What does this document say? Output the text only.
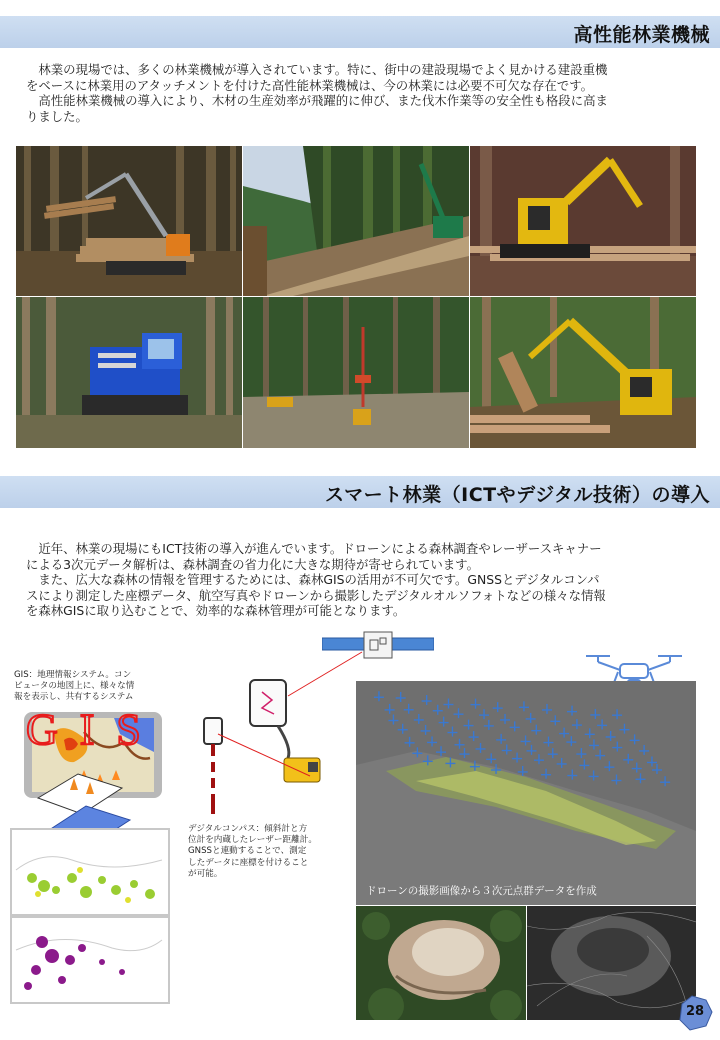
高性能林業機械
　林業の現場では、多くの林業機械が導入されています。特に、街中の建設現場でよく見かける建設重機
をベースに林業用のアタッチメントを付けた高性能林業機械は、今の林業には必要不可欠な存在です。
　高性能林業機械の導入により、木材の生産効率が飛躍的に伸び、また伐木作業等の安全性も格段に高ま
りました。
スマート林業（ICTやデジタル技術）の導入
　近年、林業の現場にもICT技術の導入が進んでいます。ドローンによる森林調査やレーザースキャナー
による3次元データ解析は、森林調査の省力化に大きな期待が寄せられています。
　また、広大な森林の情報を管理するためには、森林GISの活用が不可欠です。GNSSとデジタルコンパ
スにより測定した座標データ、航空写真やドローンから撮影したデジタルオルソフォトなどの様々な情報
を森林GISに取り込むことで、効率的な森林管理が可能となります。
GIS：地理情報システム。コン
ピュータの地図上に、様々な情
報を表示し、共有するシステム
GIS
デジタルコンパス：傾斜計と方
位計を内蔵したレーザー距離計。
GNSSと連動することで、測定
したデータに座標を付けること
が可能。
ドローンの撮影画像から３次元点群データを作成
28
